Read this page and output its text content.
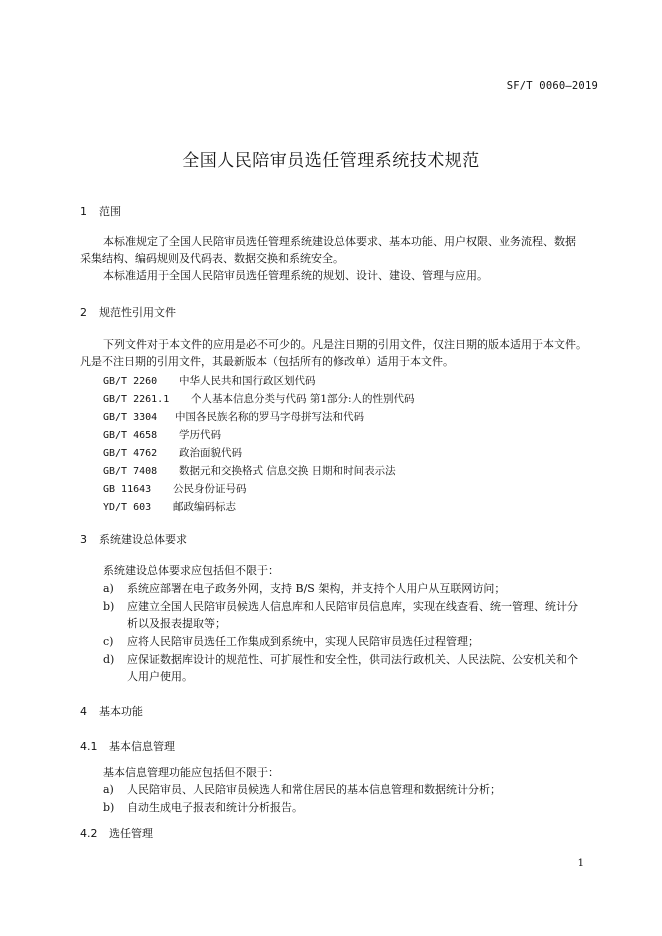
SF/T 0060—2019
全国人民陪审员选任管理系统技术规范
1 范围
本标准规定了全国人民陪审员选任管理系统建设总体要求、基本功能、用户权限、业务流程、数据
采集结构、编码规则及代码表、数据交换和系统安全。
本标准适用于全国人民陪审员选任管理系统的规划、设计、建设、管理与应用。
2 规范性引用文件
下列文件对于本文件的应用是必不可少的。凡是注日期的引用文件，仅注日期的版本适用于本文件。
凡是不注日期的引用文件，其最新版本（包括所有的修改单）适用于本文件。
GB/T 2260 中华人民共和国行政区划代码
GB/T 2261.1 个人基本信息分类与代码 第1部分:人的性别代码
GB/T 3304 中国各民族名称的罗马字母拼写法和代码
GB/T 4658 学历代码
GB/T 4762 政治面貌代码
GB/T 7408 数据元和交换格式 信息交换 日期和时间表示法
GB 11643 公民身份证号码
YD/T 603 邮政编码标志
3 系统建设总体要求
系统建设总体要求应包括但不限于：
a) 系统应部署在电子政务外网，支持 B/S 架构，并支持个人用户从互联网访问；
b) 应建立全国人民陪审员候选人信息库和人民陪审员信息库，实现在线查看、统一管理、统计分
析以及报表提取等；
c) 应将人民陪审员选任工作集成到系统中，实现人民陪审员选任过程管理；
d) 应保证数据库设计的规范性、可扩展性和安全性，供司法行政机关、人民法院、公安机关和个
人用户使用。
4 基本功能
4.1 基本信息管理
基本信息管理功能应包括但不限于：
a) 人民陪审员、人民陪审员候选人和常住居民的基本信息管理和数据统计分析；
b) 自动生成电子报表和统计分析报告。
4.2 选任管理
1
